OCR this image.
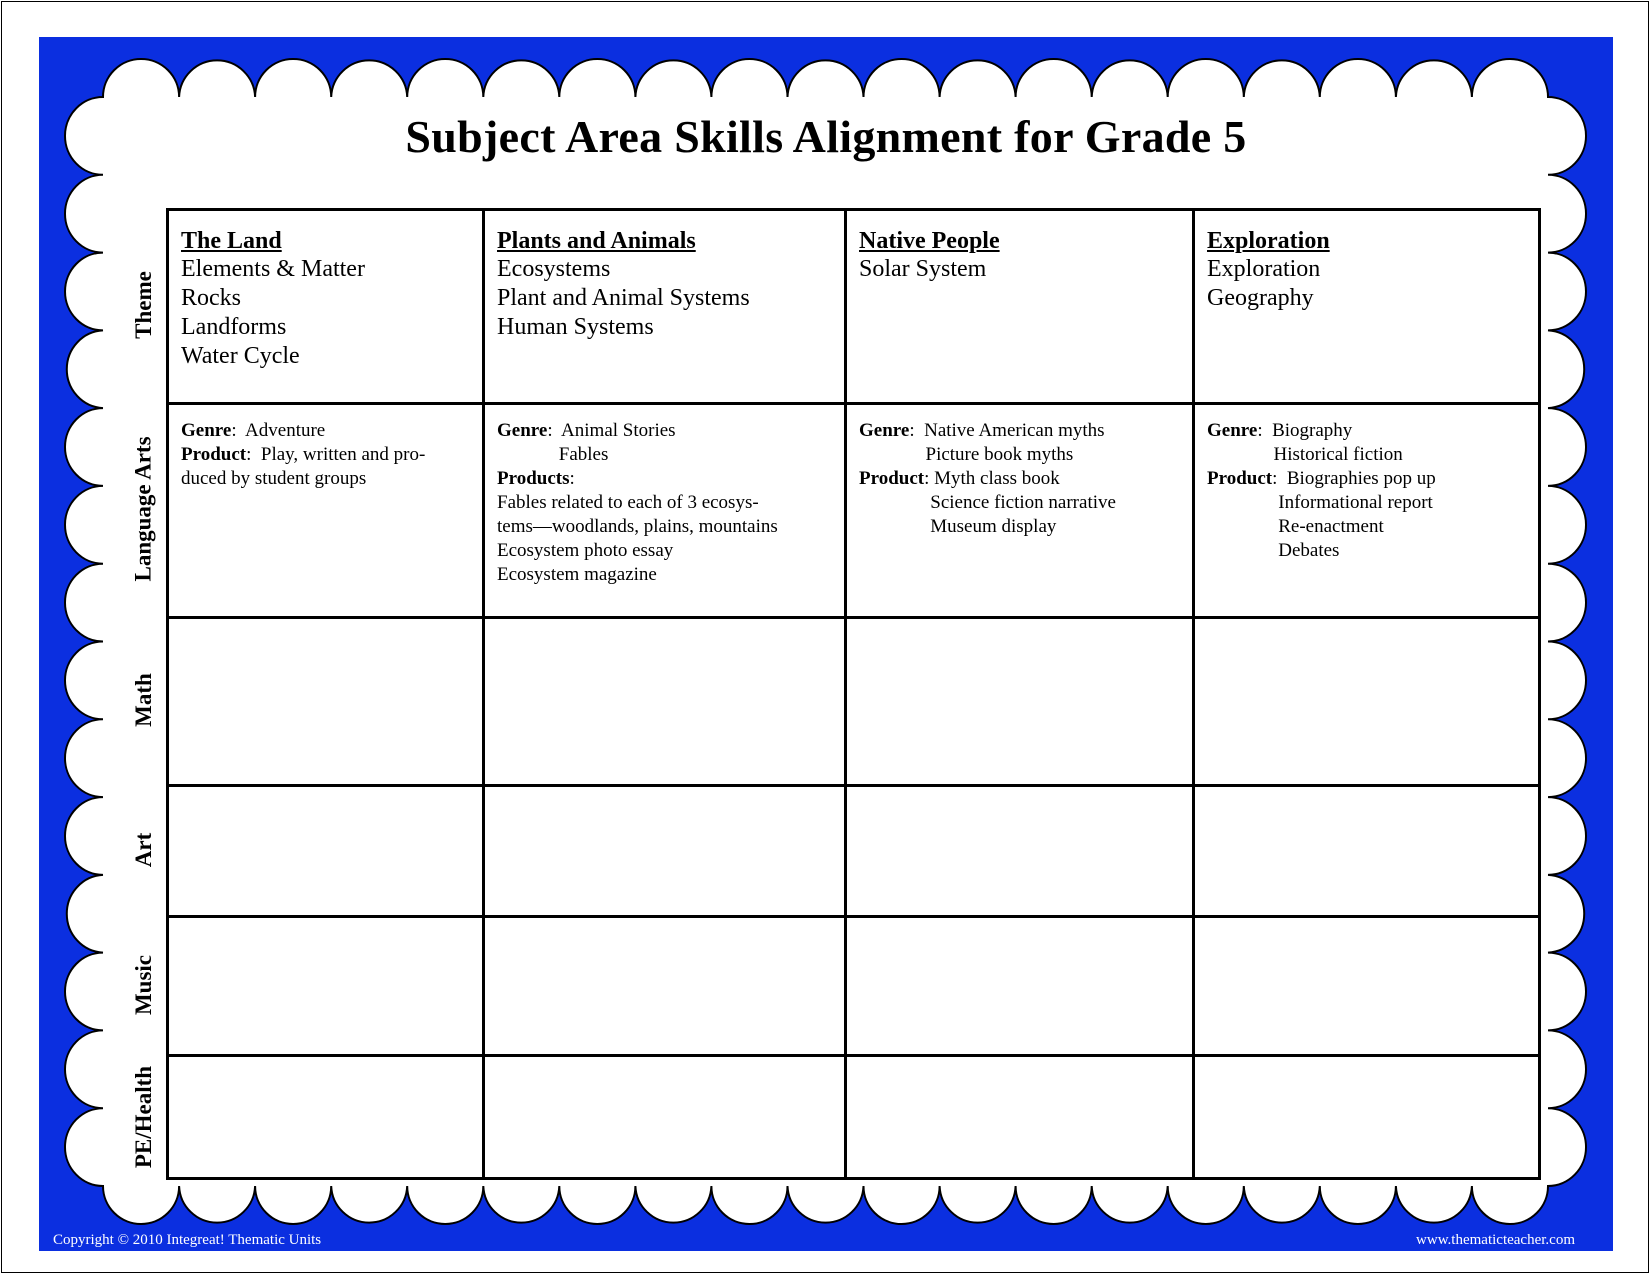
Subject Area Skills Alignment for Grade 5
Theme
Language Arts
Math
Art
Music
PE/Health
The Land
Elements & Matter
Rocks
Landforms
Water Cycle
Plants and Animals
Ecosystems
Plant and Animal Systems
Human Systems
Native People
Solar System
Exploration
Exploration
Geography
Genre:  Adventure
Product:  Play, written and pro-
duced by student groups
Genre:  Animal Stories
Fables
Products:
Fables related to each of 3 ecosys-
tems—woodlands, plains, mountains
Ecosystem photo essay
Ecosystem magazine
Genre:  Native American myths
Picture book myths
Product: Myth class book
Science fiction narrative
Museum display
Genre:  Biography
Historical fiction
Product:  Biographies pop up
Informational report
Re-enactment
Debates
Copyright © 2010 Integreat! Thematic Units	www.thematicteacher.com
